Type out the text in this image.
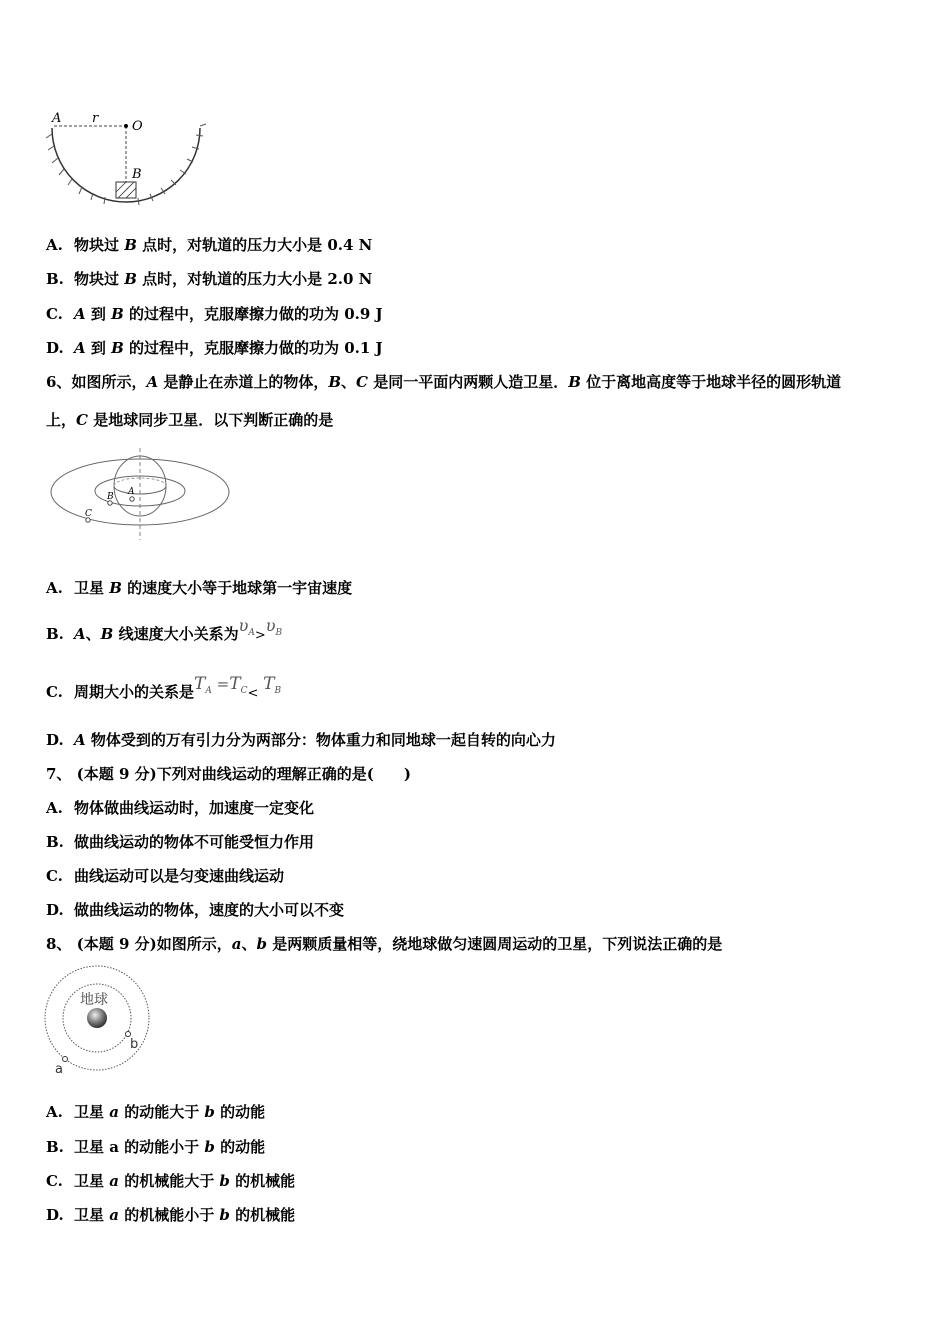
A r
O
B
A. 物块过 B 点时，对轨道的压力大小是 0.4 N
B. 物块过 B 点时，对轨道的压力大小是 2.0 N
C. A 到 B 的过程中，克服摩擦力做的功为 0.9 J
D. A 到 B 的过程中，克服摩擦力做的功为 0.1 J
6、如图所示，A 是静止在赤道上的物体，B、C 是同一平面内两颗人造卫星．B 位于离地高度等于地球半径的圆形轨道
上，C 是地球同步卫星．以下判断正确的是
A
B
C
A. 卫星 B 的速度大小等于地球第一宇宙速度
B. A、B 线速度大小关系为$\upsilon_A>\upsilon_B$
C. 周期大小的关系是$T_A =T_C< T_B$
D. A 物体受到的万有引力分为两部分：物体重力和同地球一起自转的向心力
7、 (本题 9 分)下列对曲线运动的理解正确的是(　　)
A. 物体做曲线运动时，加速度一定变化
B. 做曲线运动的物体不可能受恒力作用
C. 曲线运动可以是匀变速曲线运动
D. 做曲线运动的物体，速度的大小可以不变
8、 (本题 9 分)如图所示，a、b 是两颗质量相等，绕地球做匀速圆周运动的卫星，下列说法正确的是
地球
b
a
A. 卫星 a 的动能大于 b 的动能
B. 卫星 a 的动能小于 b 的动能
C. 卫星 a 的机械能大于 b 的机械能
D. 卫星 a 的机械能小于 b 的机械能
